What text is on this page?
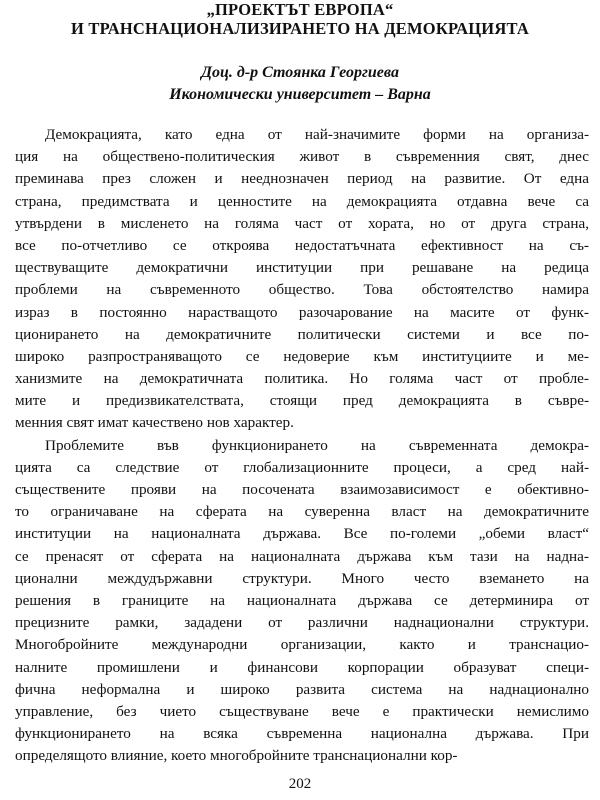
„ПРОЕКТЪТ ЕВРОПА“
И ТРАНСНАЦИОНАЛИЗИРАНЕТО НА ДЕМОКРАЦИЯТА
Доц. д-р Стоянка Георгиева
Икономически университет – Варна
Демокрацията, като една от най-значимите форми на организа-
ция на обществено-политическия живот в съвременния свят, днес
преминава през сложен и нееднозначен период на развитие. От една
страна, предимствата и ценностите на демокрацията отдавна вече са
утвърдени в мисленето на голяма част от хората, но от друга страна,
все по-отчетливо се откроява недостатъчната ефективност на съ-
ществуващите демократични институции при решаване на редица
проблеми на съвременното общество. Това обстоятелство намира
израз в постоянно нарастващото разочарование на масите от функ-
ционирането на демократичните политически системи и все по-
широко разпространяващото се недоверие към институциите и ме-
ханизмите на демократичната политика. Но голяма част от пробле-
мите и предизвикателствата, стоящи пред демокрацията в съвре-
менния свят имат качествено нов характер.
Проблемите във функционирането на съвременната демокра-
цията са следствие от глобализационните процеси, а сред най-
съществените прояви на посочената взаимозависимост е обективно-
то ограничаване на сферата на суверенна власт на демократичните
институции на националната държава. Все по-големи „обеми власт“
се пренасят от сферата на националната държава към тази на надна-
ционални междудържавни структури. Много често вземането на
решения в границите на националната държава се детерминира от
прецизните рамки, зададени от различни наднационални структури.
Многобройните международни организации, както и транснацио-
налните промишлени и финансови корпорации образуват специ-
фична неформална и широко развита система на наднационално
управление, без чието съществуване вече е практически немислимо
функционирането на всяка съвременна национална държава. При
определящото влияние, което многобройните транснационални кор-
202
